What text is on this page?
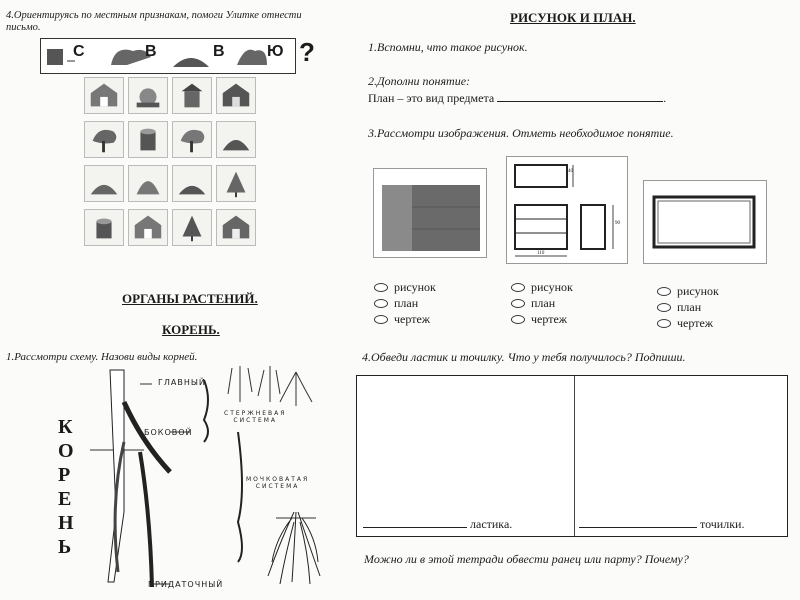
4.Ориентируясь по местным признакам, помоги Улитке отнести
письмо.
С	В	В	Ю ?
ОРГАНЫ РАСТЕНИЙ.
КОРЕНЬ.
1.Рассмотри схему. Назови виды корней.
К
О
Р
Е
Н
Ь
ГЛАВНЫЙ
БОКОВОЙ
ПРИДАТОЧНЫЙ
СТЕРЖНЕВАЯ
СИСТЕМА
МОЧКОВАТАЯ
СИСТЕМА
РИСУНОК И ПЛАН.
1.Вспомни, что такое рисунок.
2.Дополни понятие:
План – это вид предмета	.
3.Рассмотри изображения. Отметь необходимое понятие.
40
90
110
рисунок
план
чертеж
рисунок
план
чертеж
рисунок
план
чертеж
4.Обведи ластик и точилку. Что у тебя получилось? Подпиши.
ластика.	точилки.
Можно ли в этой тетради обвести ранец или парту? Почему?
